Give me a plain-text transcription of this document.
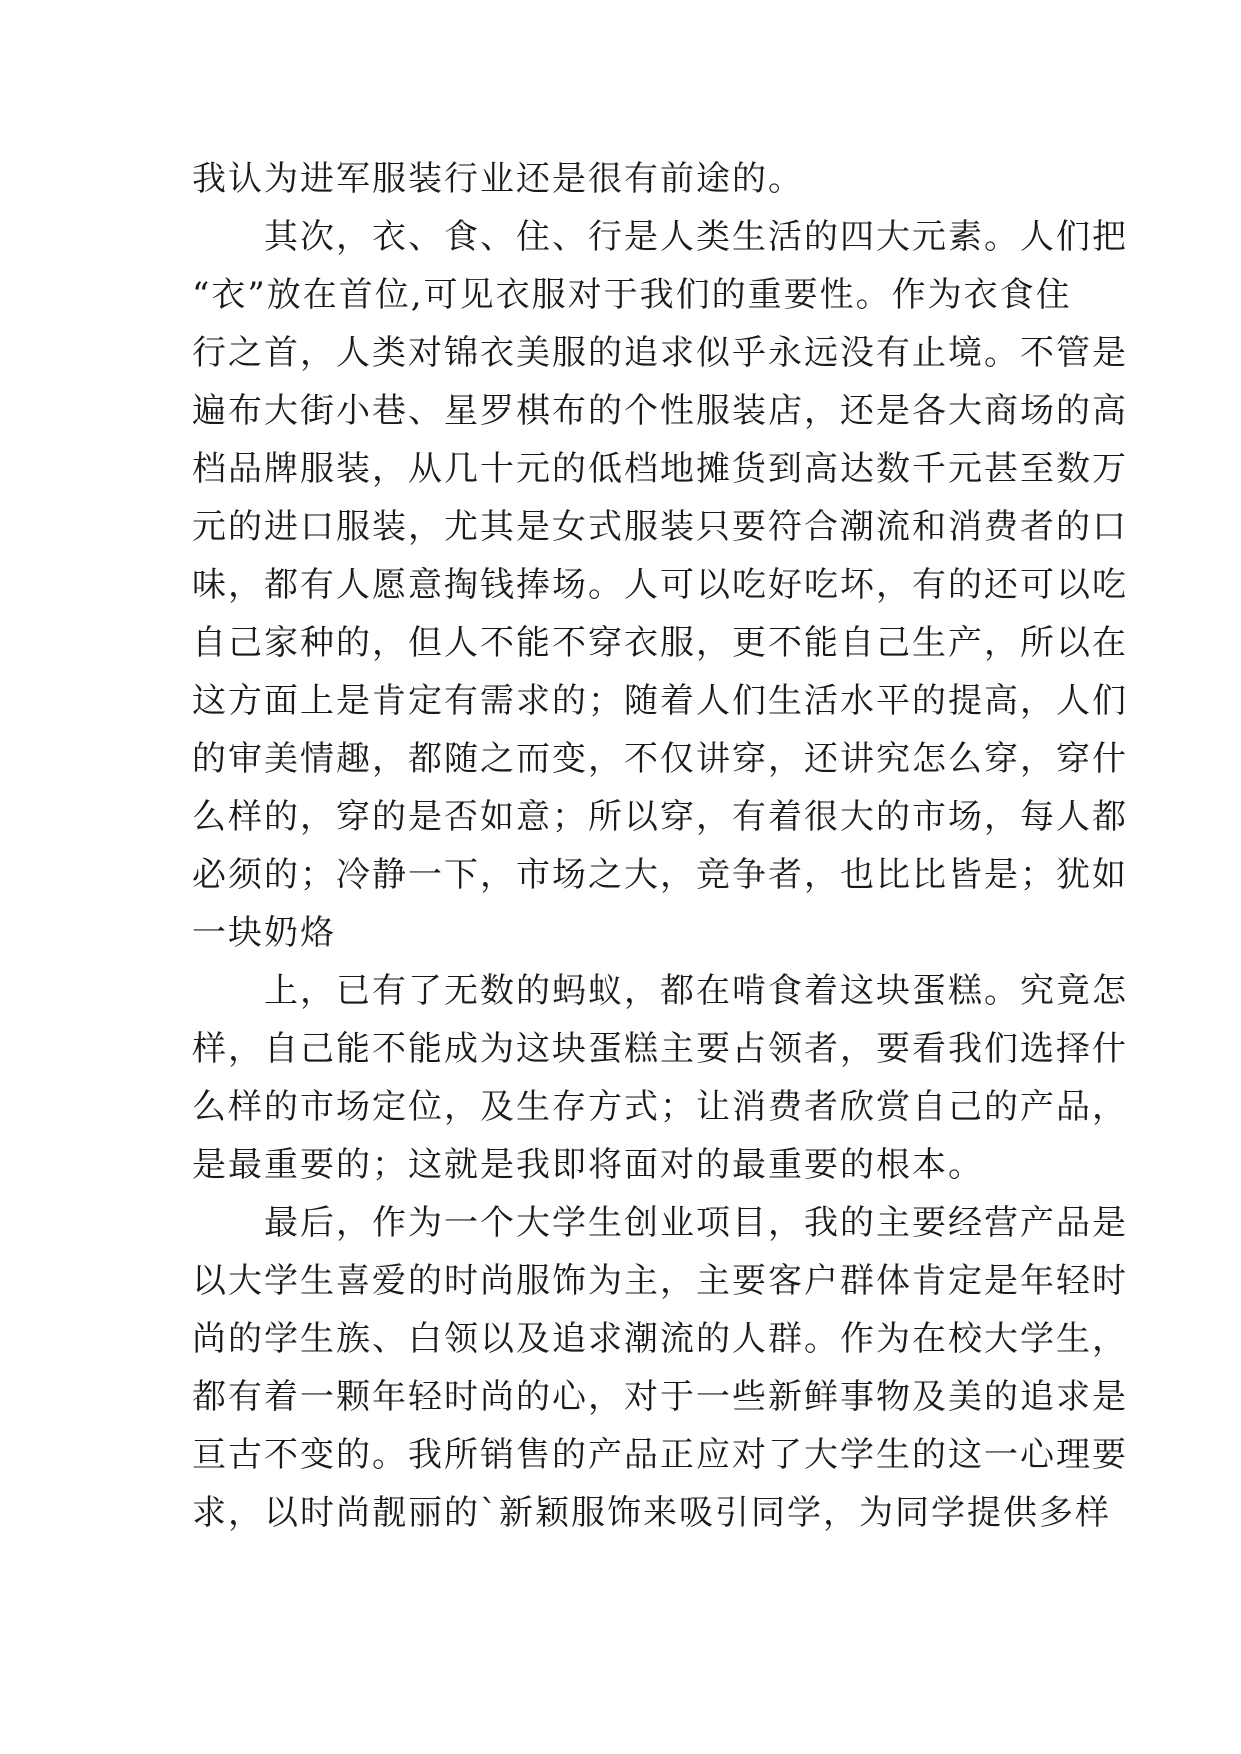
我认为进军服装行业还是很有前途的。
　　其次，衣、食、住、行是人类生活的四大元素。人们把
“衣”放在首位,可见衣服对于我们的重要性。作为衣食住
行之首，人类对锦衣美服的追求似乎永远没有止境。不管是
遍布大街小巷、星罗棋布的个性服装店，还是各大商场的高
档品牌服装，从几十元的低档地摊货到高达数千元甚至数万
元的进口服装，尤其是女式服装只要符合潮流和消费者的口
味，都有人愿意掏钱捧场。人可以吃好吃坏，有的还可以吃
自己家种的，但人不能不穿衣服，更不能自己生产，所以在
这方面上是肯定有需求的；随着人们生活水平的提高，人们
的审美情趣，都随之而变，不仅讲穿，还讲究怎么穿，穿什
么样的，穿的是否如意；所以穿，有着很大的市场，每人都
必须的；冷静一下，市场之大，竞争者，也比比皆是；犹如
一块奶烙
　　上，已有了无数的蚂蚁，都在啃食着这块蛋糕。究竟怎
样，自己能不能成为这块蛋糕主要占领者，要看我们选择什
么样的市场定位，及生存方式；让消费者欣赏自己的产品，
是最重要的；这就是我即将面对的最重要的根本。
　　最后，作为一个大学生创业项目，我的主要经营产品是
以大学生喜爱的时尚服饰为主，主要客户群体肯定是年轻时
尚的学生族、白领以及追求潮流的人群。作为在校大学生，
都有着一颗年轻时尚的心，对于一些新鲜事物及美的追求是
亘古不变的。我所销售的产品正应对了大学生的这一心理要
求，以时尚靓丽的`新颖服饰来吸引同学，为同学提供多样
